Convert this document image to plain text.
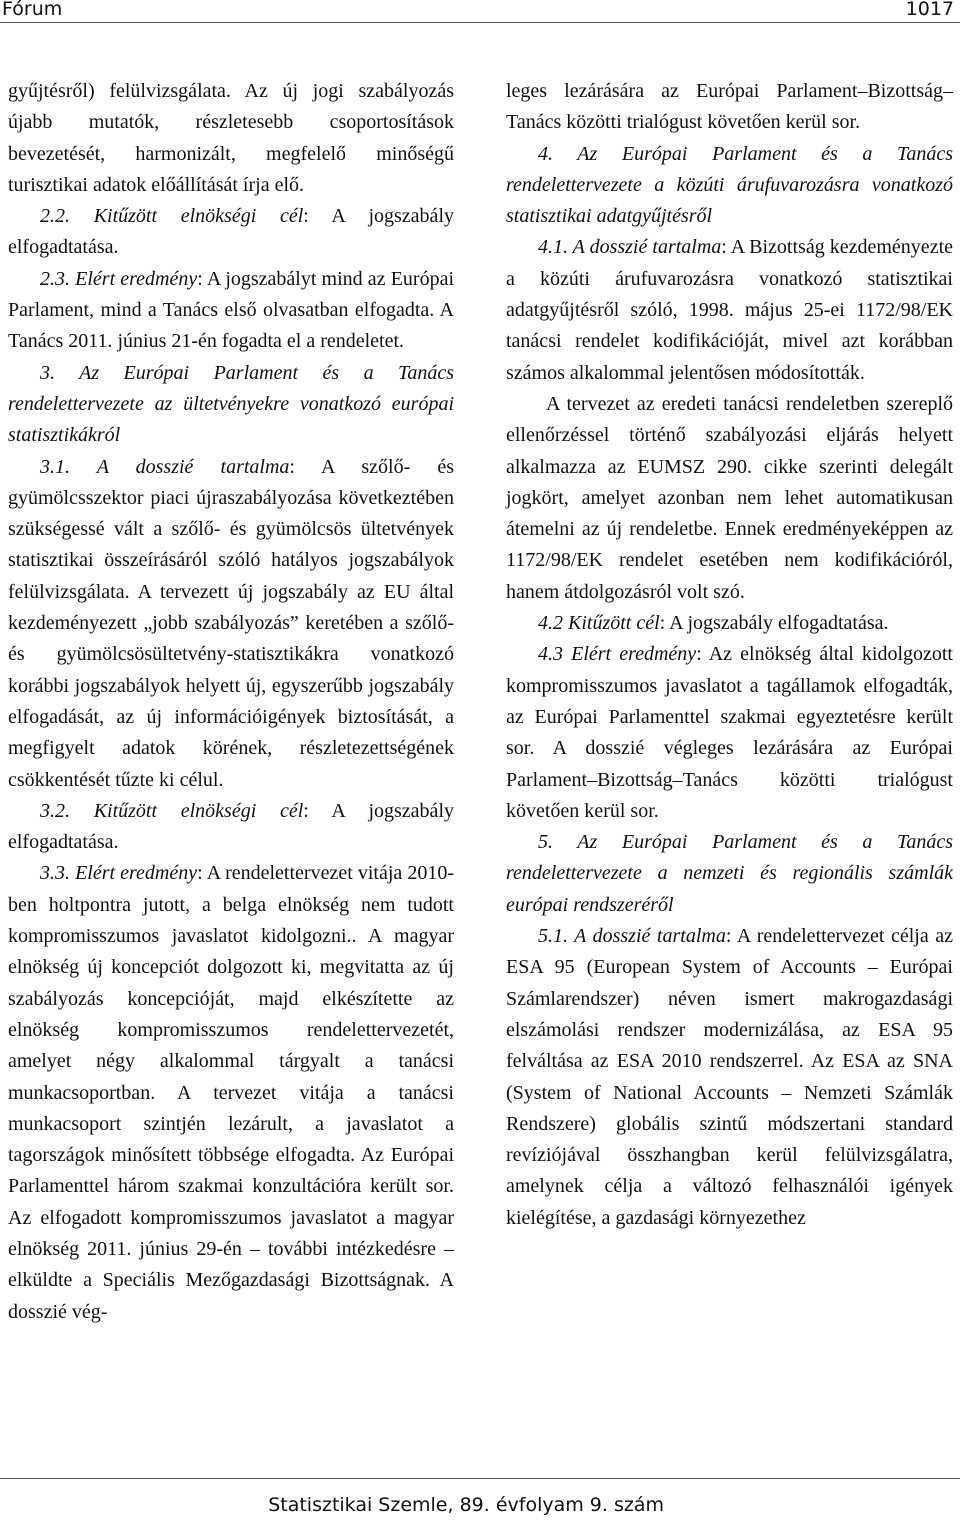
Fórum	1017

gyűjtésről) felülvizsgálata. Az új jogi szabályozás újabb mutatók, részletesebb csoportosítások bevezetését, harmonizált, megfelelő minőségű turisztikai adatok előállítását írja elő.

2.2. Kitűzött elnökségi cél: A jogszabály elfogadtatása.

2.3. Elért eredmény: A jogszabályt mind az Európai Parlament, mind a Tanács első olvasatban elfogadta. A Tanács 2011. június 21-én fogadta el a rendeletet.

3. Az Európai Parlament és a Tanács rendelettervezete az ültetvényekre vonatkozó európai statisztikákról

3.1. A dosszié tartalma: A szőlő- és gyümölcsszektor piaci újraszabályozása következtében szükségessé vált a szőlő- és gyümölcsös ültetvények statisztikai összeírásáról szóló hatályos jogszabályok felülvizsgálata. A tervezett új jogszabály az EU által kezdeményezett „jobb szabályozás” keretében a szőlő- és gyümölcsösültetvény-statisztikákra vonatkozó korábbi jogszabályok helyett új, egyszerűbb jogszabály elfogadását, az új információigények biztosítását, a megfigyelt adatok körének, részletezettségének csökkentését tűzte ki célul.

3.2. Kitűzött elnökségi cél: A jogszabály elfogadtatása.

3.3. Elért eredmény: A rendelettervezet vitája 2010-ben holtpontra jutott, a belga elnökség nem tudott kompromisszumos javaslatot kidolgozni.. A magyar elnökség új koncepciót dolgozott ki, megvitatta az új szabályozás koncepcióját, majd elkészítette az elnökség kompromisszumos rendelettervezetét, amelyet négy alkalommal tárgyalt a tanácsi munkacsoportban. A tervezet vitája a tanácsi munkacsoport szintjén lezárult, a javaslatot a tagországok minősített többsége elfogadta. Az Európai Parlamenttel három szakmai konzultációra került sor. Az elfogadott kompromisszumos javaslatot a magyar elnökség 2011. június 29-én – további intézkedésre – elküldte a Speciális Mezőgazdasági Bizottságnak. A dosszié vég-

leges lezárására az Európai Parlament–Bizottság–Tanács közötti trialógust követően kerül sor.

4. Az Európai Parlament és a Tanács rendelettervezete a közúti árufuvarozásra vonatkozó statisztikai adatgyűjtésről

4.1. A dosszié tartalma: A Bizottság kezdeményezte a közúti árufuvarozásra vonatkozó statisztikai adatgyűjtésről szóló, 1998. május 25-ei 1172/98/EK tanácsi rendelet kodifikációját, mivel azt korábban számos alkalommal jelentősen módosították.

A tervezet az eredeti tanácsi rendeletben szereplő ellenőrzéssel történő szabályozási eljárás helyett alkalmazza az EUMSZ 290. cikke szerinti delegált jogkört, amelyet azonban nem lehet automatikusan átemelni az új rendeletbe. Ennek eredményeképpen az 1172/98/EK rendelet esetében nem kodifikációról, hanem átdolgozásról volt szó.

4.2 Kitűzött cél: A jogszabály elfogadtatása.

4.3 Elért eredmény: Az elnökség által kidolgozott kompromisszumos javaslatot a tagállamok elfogadták, az Európai Parlamenttel szakmai egyeztetésre került sor. A dosszié végleges lezárására az Európai Parlament–Bizottság–Tanács közötti trialógust követően kerül sor.

5. Az Európai Parlament és a Tanács rendelettervezete a nemzeti és regionális számlák európai rendszeréről

5.1. A dosszié tartalma: A rendelettervezet célja az ESA 95 (European System of Accounts – Európai Számlarendszer) néven ismert makrogazdasági elszámolási rendszer modernizálása, az ESA 95 felváltása az ESA 2010 rendszerrel. Az ESA az SNA (System of National Accounts – Nemzeti Számlák Rendszere) globális szintű módszertani standard revíziójával összhangban kerül felülvizsgálatra, amelynek célja a változó felhasználói igények kielégítése, a gazdasági környezethez

Statisztikai Szemle, 89. évfolyam 9. szám
